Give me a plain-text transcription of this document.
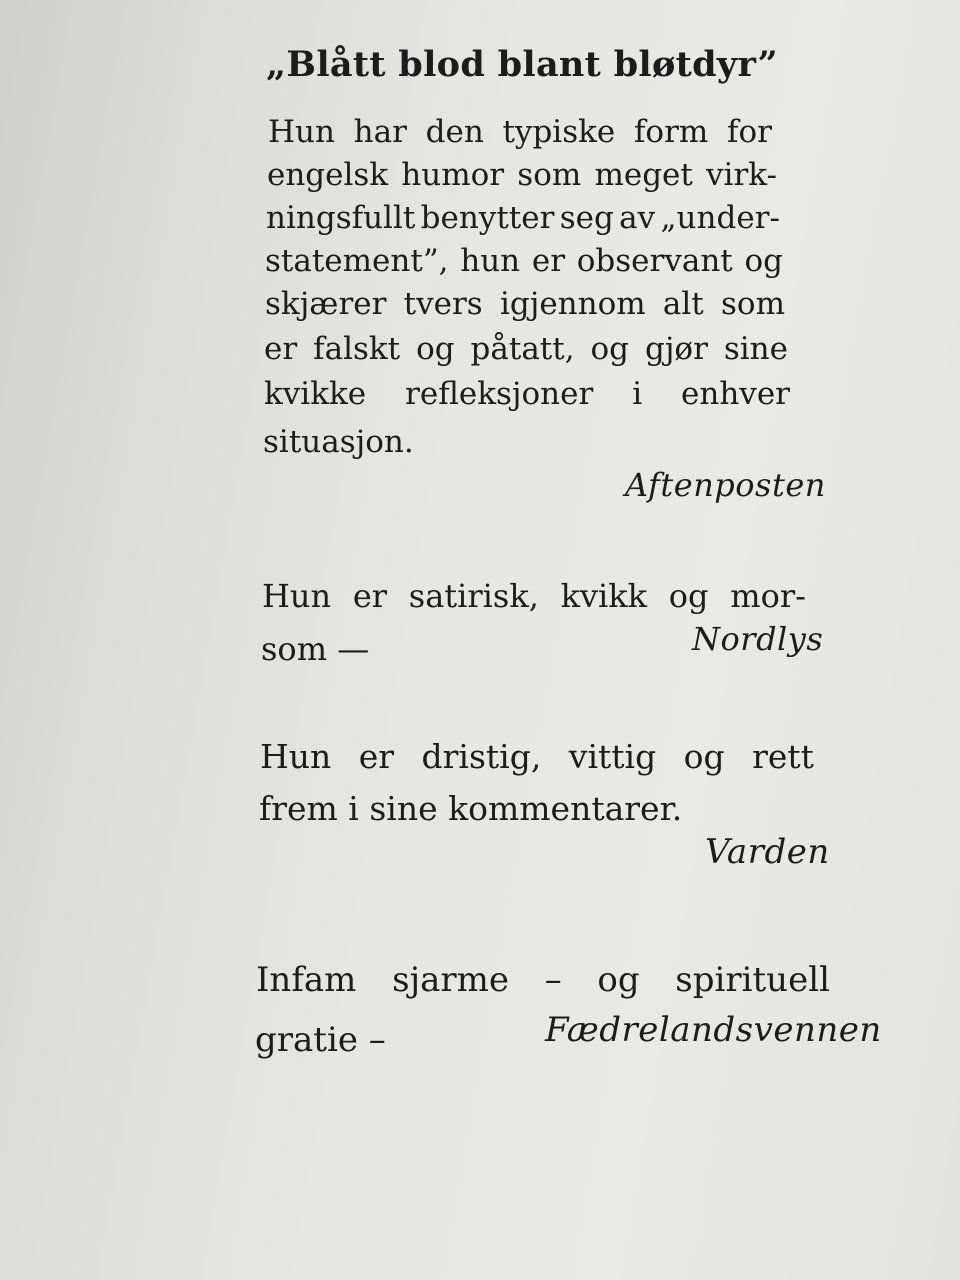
„Blått blod blant bløtdyr”
Hun har den typiske form for
engelsk humor som meget virk-
ningsfullt benytter seg av „under-
statement”, hun er observant og
skjærer tvers igjennom alt som
er falskt og påtatt, og gjør sine
kvikke refleksjoner i enhver
situasjon.
Aftenposten
Hun er satirisk, kvikk og mor-
som —	Nordlys
Hun er dristig, vittig og rett
frem i sine kommentarer.
Varden
Infam sjarme – og spirituell
gratie –	Fædrelandsvennen
